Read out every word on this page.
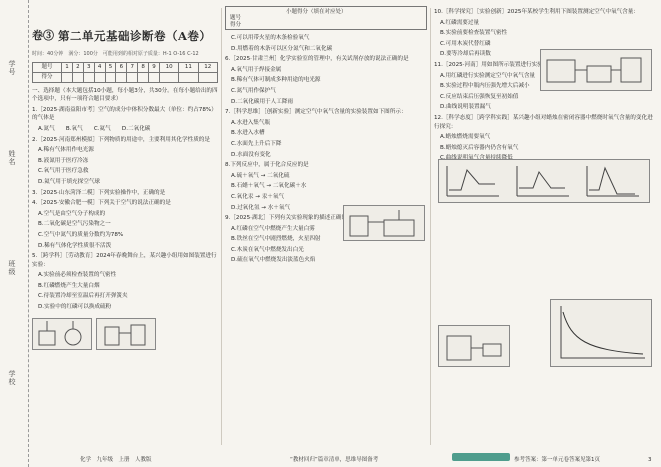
学号
姓名
班级
学校
卷③ 第二单元基础诊断卷（A卷）
时间：40分钟　满分：100分　可能用到的相对原子质量：H-1 O-16 C-12
题号	1	2	3	4	5	6	7	8	9	10	11	12
得分												
一、选择题（本大题包括10小题，每小题3分，共30分。在每小题给出的四个选项中，只有一项符合题目要求）
1.［2025·湖南益阳市考］空气的成分中体积分数最大（单位：约占78%）的气体是
A.氮气　　B.氧气　　C.氦气　　D.二氧化碳
2.［2025·河南郑州模拟］下列物质的用途中，主要利用其化学性质的是
A.稀有气体用作电光源
B.液氮用于医疗冷冻
C.氧气用于医疗急救
D.氦气用于填充探空气球
3.［2025·山东菏泽二模］下列实验操作中，正确的是
4.［2025·安徽合肥一模］下列关于空气的说法正确的是
A.空气是由空气分子构成的
B.二氧化碳是空气污染物之一
C.空气中氮气的质量分数约为78%
D.稀有气体化学性质很不活泼
5.［跨学科］［劳动教育］2024年春晚舞台上，某兴趣小组用如图装置进行实验：
A.实验前必须检查装置的气密性
B.红磷燃烧产生大量白烟
C.待装置冷却至室温后再打开弹簧夹
D.实验中的红磷可以换成硫粉
小题得分（填在对应处）
题号
得分
C.可以用带火星的木条检验氧气
D.用燃着的木条可以区分氮气和二氧化碳
6.［2025·甘肃兰州］化学实验室的管理中，有关试剂存放的说法正确的是
A.氧气用于焊接金属
B.稀有气体可制成多种用途的电光源
C.氮气用作保护气
D.二氧化碳用于人工降雨
7.［科学思维］［创新实验］测定空气中氧气含量的实验装置如下图所示：
A.水进入集气瓶
B.水进入水槽
C.水面先上升后下降
D.水面没有变化
8.下列反应中，属于化合反应的是
A.硫＋氧气 → 二氧化硫
B.石蜡＋氧气 → 二氧化碳＋水
C.氧化汞 → 汞＋氧气
D.过氧化氢 → 水＋氧气
9.［2025·湖北］下列有关实验现象的描述正确的是
A.红磷在空气中燃烧产生大量白雾
B.铁丝在空气中剧烈燃烧，火星四射
C.木炭在氧气中燃烧发出白光
D.硫在氧气中燃烧发出淡蓝色火焰
10.［科学探究］［实验创新］2025年某校学生利用下图装置测定空气中氧气含量：
A.红磷需要过量
B.实验前要检查装置气密性
C.可用木炭代替红磷
D.要等冷却后再读数
11.［2025·河南］用如图所示装置进行实验，测得瓶内压强变化曲线如下：
A.用红磷进行实验测定空气中氧气含量
B.实验过程中瓶内压强先增大后减小
C.反应结束后压强恢复至初始值
D.曲线说明装置漏气
12.［科学态度］［跨学科实践］某兴趣小组对蜡烛在密闭容器中燃烧时氧气含量的变化进行探究：
A.蜡烛燃烧需要氧气
B.蜡烛熄灭后容器内仍含有氧气
C.曲线说明氧气含量持续降低
D.该实验说明空气是混合物
化学　九年级　上册　人教版	“教材回归”篇章清单，思维导图备考	参考答案：第一单元卷答案见第1页	3
